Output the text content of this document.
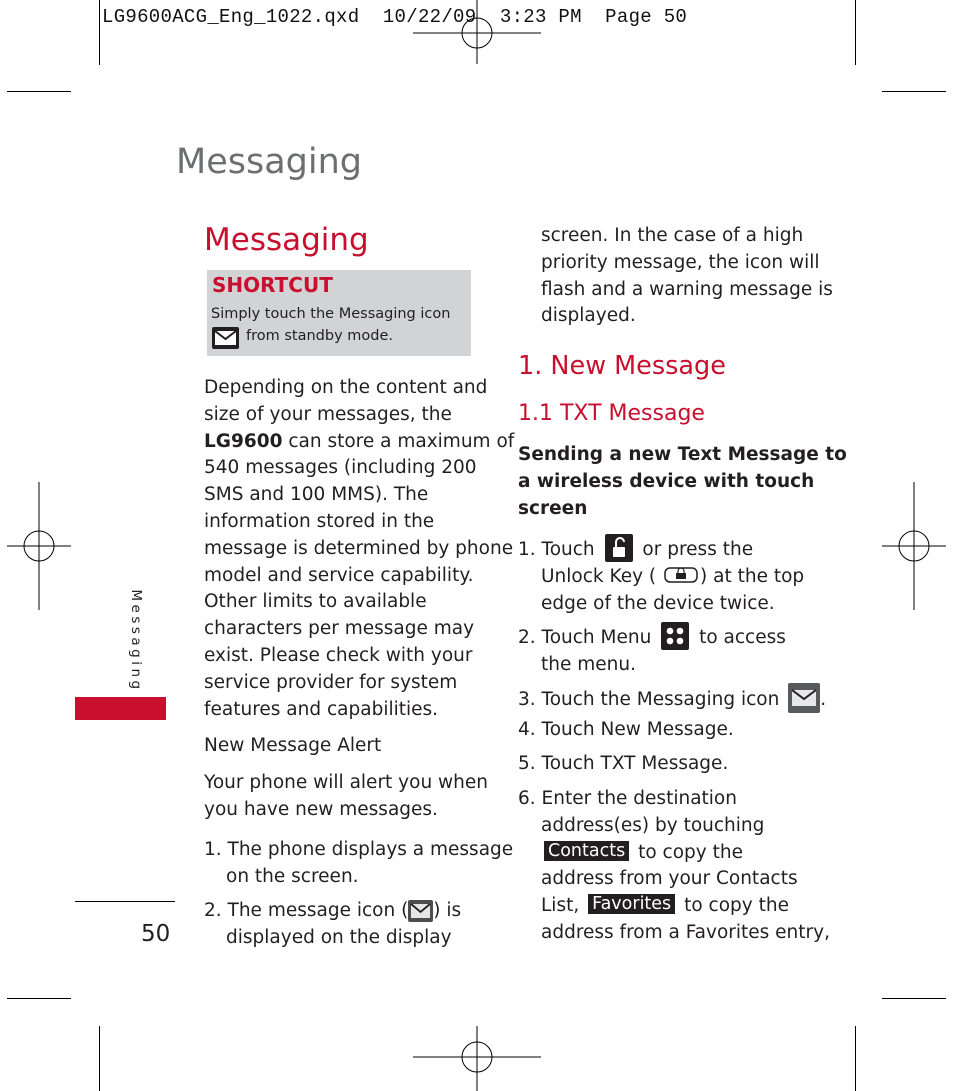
LG9600ACG_Eng_1022.qxd  10/22/09  3:23 PM  Page 50
Messaging
Messaging
SHORTCUT
Simply touch the Messaging icon
from standby mode.
Depending on the content and
size of your messages, the
LG9600 can store a maximum of
540 messages (including 200
SMS and 100 MMS). The
information stored in the
message is determined by phone
model and service capability.
Other limits to available
characters per message may
exist. Please check with your
service provider for system
features and capabilities.
New Message Alert
Your phone will alert you when
you have new messages.
1. The phone displays a message
on the screen.
2. The message icon ( ) is
displayed on the display
screen. In the case of a high
priority message, the icon will
flash and a warning message is
displayed.
1. New Message
1.1 TXT Message
Sending a new Text Message to
a wireless device with touch
screen
1. Touch	or press the
Unlock Key ( ) at the top
edge of the device twice.
2. Touch Menu	to access
the menu.
3. Touch the Messaging icon .
4. Touch New Message.
5. Touch TXT Message.
6. Enter the destination
address(es) by touching
Contacts to copy the
address from your Contacts
List, Favorites to copy the
address from a Favorites entry,
Messaging
50
